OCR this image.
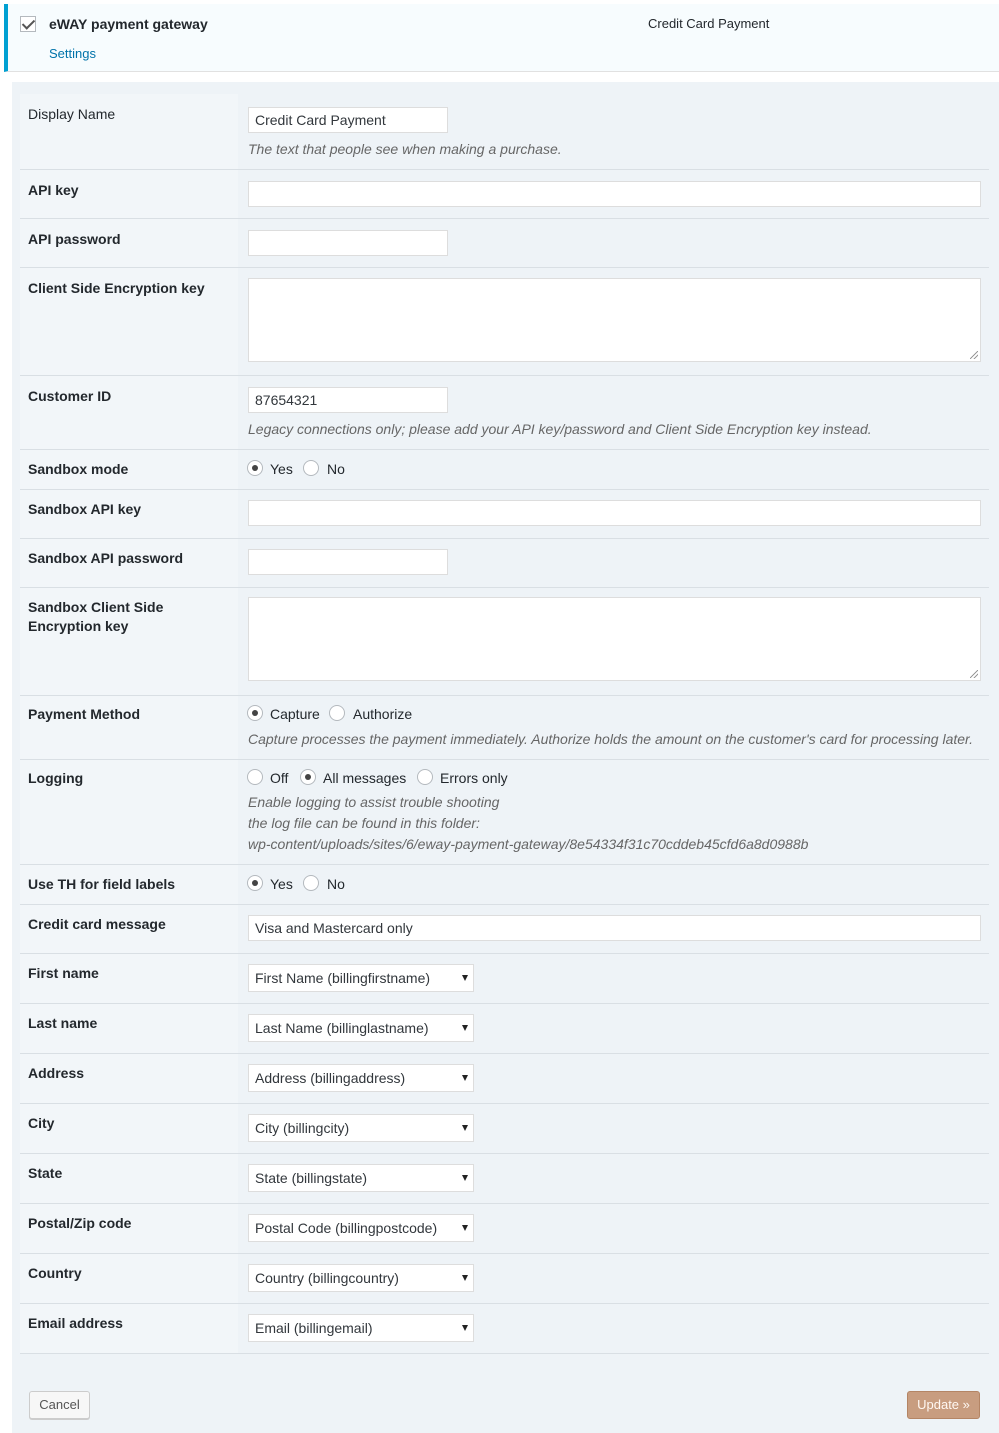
eWAY payment gateway
Settings
Credit Card Payment
Display Name	Credit Card Payment
The text that people see when making a purchase.
API key
API password
Client Side Encryption key
Customer ID	87654321
Legacy connections only; please add your API key/password and Client Side Encryption key instead.
Sandbox mode	Yes No
Sandbox API key
Sandbox API password
Sandbox Client Side Encryption key
Payment Method	Capture Authorize
Capture processes the payment immediately. Authorize holds the amount on the customer's card for processing later.
Logging	Off All messages Errors only
Enable logging to assist trouble shooting
the log file can be found in this folder:
wp-content/uploads/sites/6/eway-payment-gateway/8e54334f31c70cddeb45cfd6a8d0988b
Use TH for field labels	Yes No
Credit card message	Visa and Mastercard only
First name	First Name (billingfirstname)
Last name	Last Name (billinglastname)
Address	Address (billingaddress)
City	City (billingcity)
State	State (billingstate)
Postal/Zip code	Postal Code (billingpostcode)
Country	Country (billingcountry)
Email address	Email (billingemail)
Cancel	Update »
